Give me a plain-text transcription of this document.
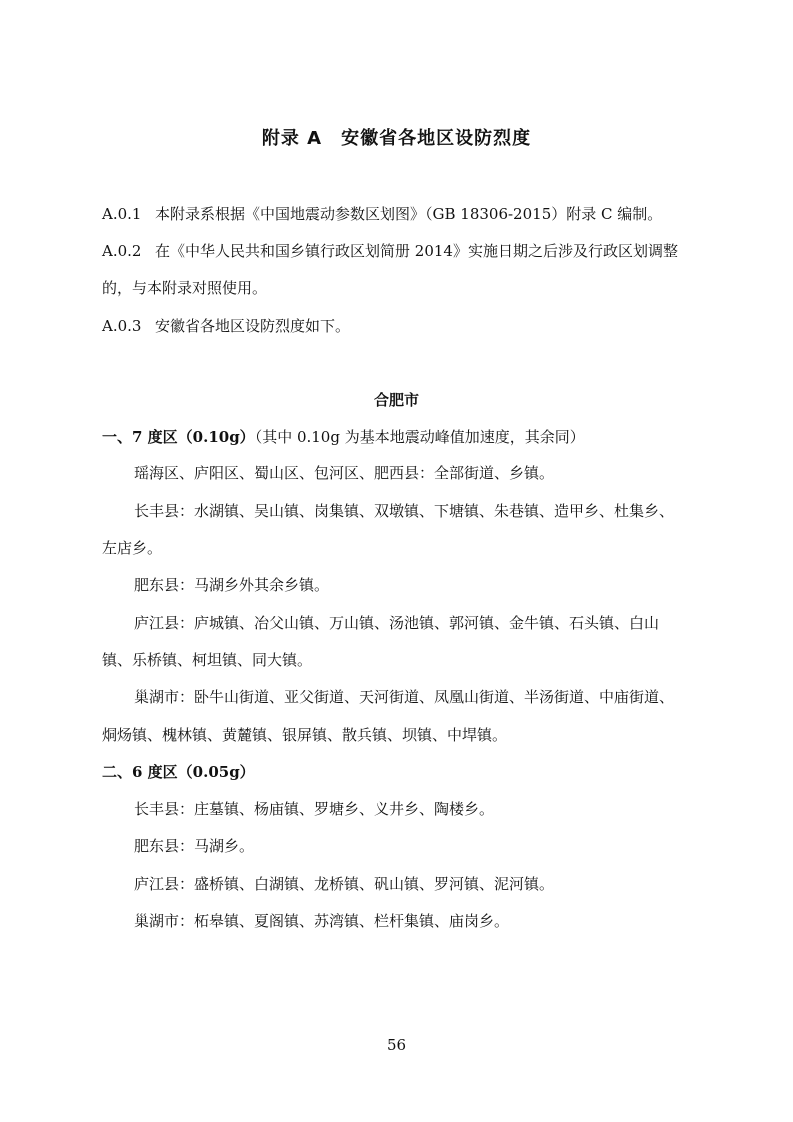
附录 A　安徽省各地区设防烈度
A.0.1 本附录系根据《中国地震动参数区划图》（GB 18306-2015）附录 C 编制。
A.0.2 在《中华人民共和国乡镇行政区划简册 2014》实施日期之后涉及行政区划调整
的，与本附录对照使用。
A.0.3 安徽省各地区设防烈度如下。
合肥市
一、7 度区（0.10g）（其中 0.10g 为基本地震动峰值加速度，其余同）
瑶海区、庐阳区、蜀山区、包河区、肥西县：全部街道、乡镇。
长丰县：水湖镇、吴山镇、岗集镇、双墩镇、下塘镇、朱巷镇、造甲乡、杜集乡、
左店乡。
肥东县：马湖乡外其余乡镇。
庐江县：庐城镇、冶父山镇、万山镇、汤池镇、郭河镇、金牛镇、石头镇、白山
镇、乐桥镇、柯坦镇、同大镇。
巢湖市：卧牛山街道、亚父街道、天河街道、凤凰山街道、半汤街道、中庙街道、
烔炀镇、槐林镇、黄麓镇、银屏镇、散兵镇、坝镇、中垾镇。
二、6 度区（0.05g）
长丰县：庄墓镇、杨庙镇、罗塘乡、义井乡、陶楼乡。
肥东县：马湖乡。
庐江县：盛桥镇、白湖镇、龙桥镇、矾山镇、罗河镇、泥河镇。
巢湖市：柘皋镇、夏阁镇、苏湾镇、栏杆集镇、庙岗乡。
56
